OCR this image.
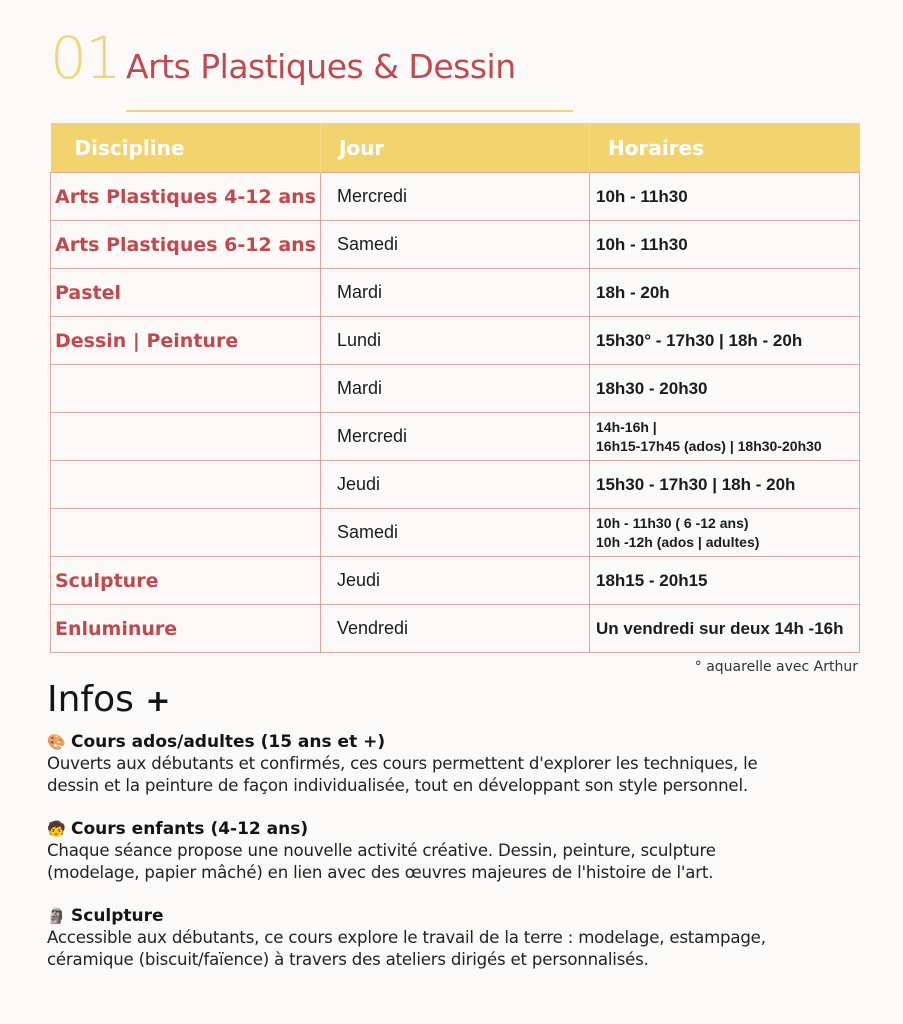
01 Arts Plastiques & Dessin
Discipline	Jour	Horaires
Arts Plastiques 4-12 ans	Mercredi	10h - 11h30
Arts Plastiques 6-12 ans	Samedi	10h - 11h30
Pastel	Mardi	18h - 20h
Dessin | Peinture	Lundi	15h30° - 17h30 | 18h - 20h
	Mardi	18h30 - 20h30
	Mercredi	14h-16h |
16h15-17h45 (ados) | 18h30-20h30

	Jeudi	15h30 - 17h30 | 18h - 20h
	Samedi	10h - 11h30 ( 6 -12 ans)
10h -12h (ados | adultes)

Sculpture	Jeudi	18h15 - 20h15
Enluminure	Vendredi	Un vendredi sur deux 14h -16h
° aquarelle avec Arthur
Infos +
🎨 Cours ados/adultes (15 ans et +)
Ouverts aux débutants et confirmés, ces cours permettent d'explorer les techniques, le
dessin et la peinture de façon individualisée, tout en développant son style personnel.
🧒 Cours enfants (4-12 ans)
Chaque séance propose une nouvelle activité créative. Dessin, peinture, sculpture
(modelage, papier mâché) en lien avec des œuvres majeures de l'histoire de l'art.
🗿 Sculpture
Accessible aux débutants, ce cours explore le travail de la terre : modelage, estampage,
céramique (biscuit/faïence) à travers des ateliers dirigés et personnalisés.
